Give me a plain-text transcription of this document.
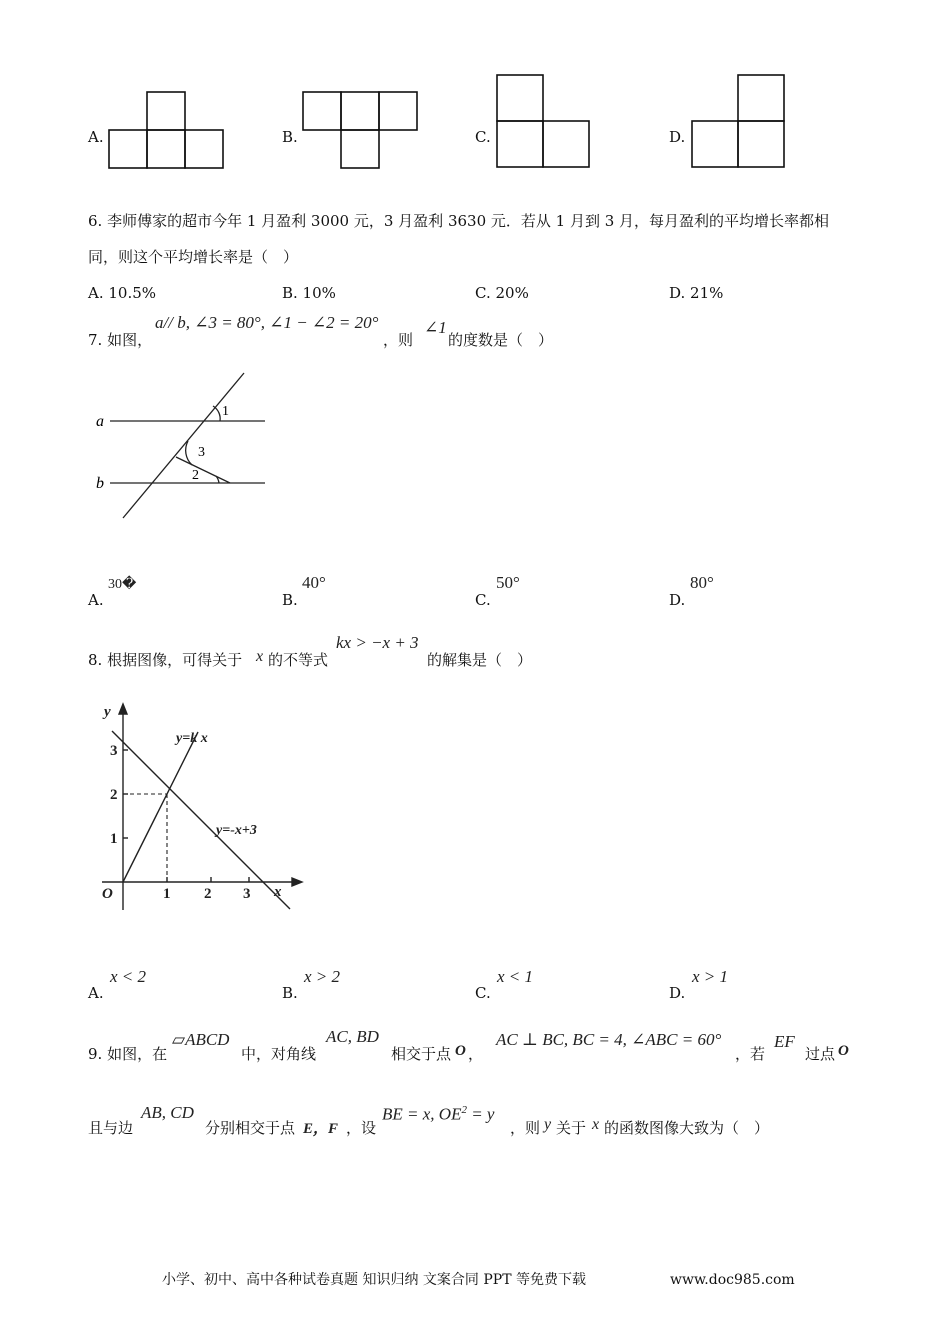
A.	B.	C.	D.
6. 李师傅家的超市今年 1 月盈利 3000 元，3 月盈利 3630 元．若从 1 月到 3 月，每月盈利的平均增长率都相
同，则这个平均增长率是（　）
A. 10.5%	B. 10%	C. 20%	D. 21%
7. 如图，
a// b, ∠3 = 80°, ∠1 − ∠2 = 20°
，则
∠1
的度数是（　）
a
b
1
3
2
A.
30�
B.
40°
C.
50°
D.
80°
8. 根据图像，可得关于 x 的不等式
kx > −x + 3
的解集是（　）
y
x
O
y=k x
y=-x+3
1 2 3
1
2
3
A.
x < 2
B.
x > 2
C.
x < 1
D.
x > 1
9. 如图，在
▱ABCD
中，对角线
AC, BD
相交于点 O ，
AC ⊥ BC, BC = 4, ∠ABC = 60°
，若
EF
过点 O
且与边
AB, CD
分别相交于点 E，F ，设
BE = x, $OE^2 = y$
，则 y 关于 x 的函数图像大致为（　）
小学、初中、高中各种试卷真题 知识归纳 文案合同 PPT 等免费下载	www.doc985.com
